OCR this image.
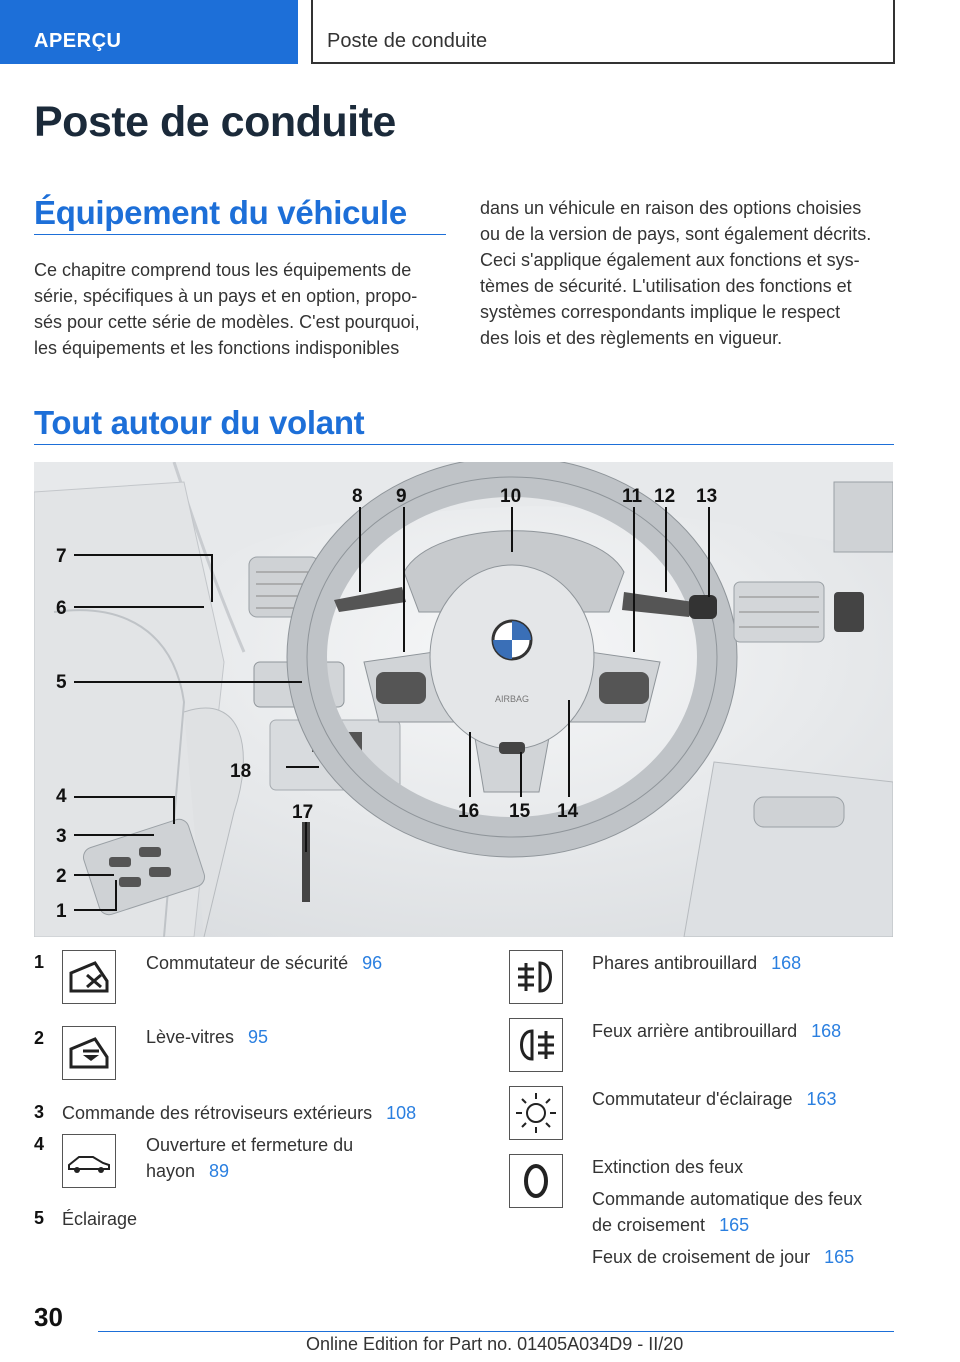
APERÇU	Poste de conduite
Poste de conduite
Équipement du véhicule
Ce chapitre comprend tous les équipements de
série, spécifiques à un pays et en option, propo-
sés pour cette série de modèles. C'est pourquoi,
les équipements et les fonctions indisponibles
dans un véhicule en raison des options choisies
ou de la version de pays, sont également décrits.
Ceci s'applique également aux fonctions et sys-
tèmes de sécurité. L'utilisation des fonctions et
systèmes correspondants implique le respect
des lois et des règlements en vigueur.
Tout autour du volant
AIRBAG
7
6
5
4
3
2
1
18
17
8 9	10	11 12 13
14
15
16
1	Commutateur de sécurité 96
2	Lève-vitres 95
3 Commande des rétroviseurs extérieurs 108
4	Ouverture et fermeture du
hayon 89
5 Éclairage
Phares antibrouillard 168
Feux arrière antibrouillard 168
Commutateur d'éclairage 163
Extinction des feux
Commande automatique des feux
de croisement 165
Feux de croisement de jour 165
30
Online Edition for Part no. 01405A034D9 - II/20
